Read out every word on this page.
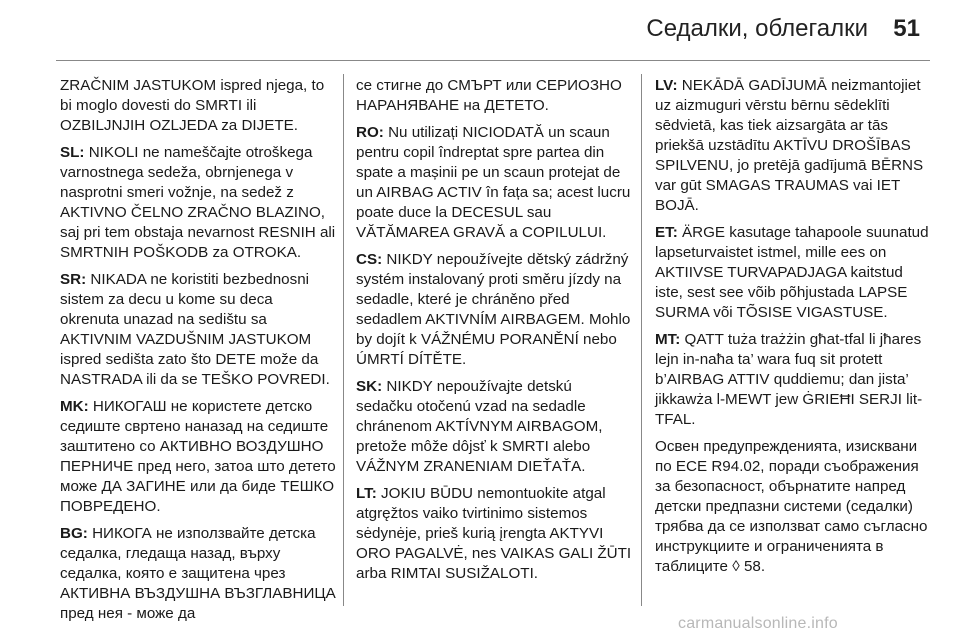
Седалки, облегалки 51

ZRAČNIM JASTUKOM ispred njega, to bi moglo dovesti do SMRTI ili OZBILJNJIH OZLJEDA za DIJETE.

SL: NIKOLI ne nameščajte otroškega varnostnega sedeža, obrnjenega v nasprotni smeri vožnje, na sedež z AKTIVNO ČELNO ZRAČNO BLAZINO, saj pri tem obstaja nevarnost RESNIH ali SMRTNIH POŠKODB za OTROKA.

SR: NIKADA ne koristiti bezbednosni sistem za decu u kome su deca okrenuta unazad na sedištu sa AKTIVNIM VAZDUŠNIM JASTUKOM ispred sedišta zato što DETE može da NASTRADA ili da se TEŠKO POVREDI.

MK: НИКОГАШ не користете детско седиште свртено наназад на седиште заштитено со АКТИВНО ВОЗДУШНО ПЕРНИЧЕ пред него, затоа што детето може ДА ЗАГИНЕ или да биде ТЕШКО ПОВРЕДЕНО.

BG: НИКОГА не използвайте детска седалка, гледаща назад, върху седалка, която е защитена чрез АКТИВНА ВЪЗДУШНА ВЪЗГЛАВНИЦА пред нея - може да

се стигне до СМЪРТ или СЕРИОЗНО НАРАНЯВАНЕ на ДЕТЕТО.

RO: Nu utilizați NICIODATĂ un scaun pentru copil îndreptat spre partea din spate a mașinii pe un scaun protejat de un AIRBAG ACTIV în fața sa; acest lucru poate duce la DECESUL sau VĂTĂMAREA GRAVĂ a COPILULUI.

CS: NIKDY nepoužívejte dětský zádržný systém instalovaný proti směru jízdy na sedadle, které je chráněno před sedadlem AKTIVNÍM AIRBAGEM. Mohlo by dojít k VÁŽNÉMU PORANĚNÍ nebo ÚMRTÍ DÍTĚTE.

SK: NIKDY nepoužívajte detskú sedačku otočenú vzad na sedadle chránenom AKTÍVNYM AIRBAGOM, pretože môže dôjsť k SMRTI alebo VÁŽNYM ZRANENIAM DIEŤAŤA.

LT: JOKIU BŪDU nemontuokite atgal atgręžtos vaiko tvirtinimo sistemos sėdynėje, prieš kurią įrengta AKTYVI ORO PAGALVĖ, nes VAIKAS GALI ŽŪTI arba RIMTAI SUSIŽALOTI.

LV: NEKĀDĀ GADĪJUMĀ neizmantojiet uz aizmuguri vērstu bērnu sēdeklīti sēdvietā, kas tiek aizsargāta ar tās priekšā uzstādītu AKTĪVU DROŠĪBAS SPILVENU, jo pretējā gadījumā BĒRNS var gūt SMAGAS TRAUMAS vai IET BOJĀ.

ET: ÄRGE kasutage tahapoole suunatud lapseturvaistet istmel, mille ees on AKTIIVSE TURVAPADJAGA kaitstud iste, sest see võib põhjustada LAPSE SURMA või TÕSISE VIGASTUSE.

MT: QATT tuża trażżin għat-tfal li jħares lejn in-naħa ta’ wara fuq sit protett b’AIRBAG ATTIV quddiemu; dan jista’ jikkawża l-MEWT jew ĠRIEĦI SERJI lit-TFAL.

Освен предупрежденията, изисквани по ECE R94.02, поради съображения за безопасност, обърнатите напред детски предпазни системи (седалки) трябва да се използват само съгласно инструкциите и ограниченията в таблиците ◊ 58.

carmanualsonline.info
